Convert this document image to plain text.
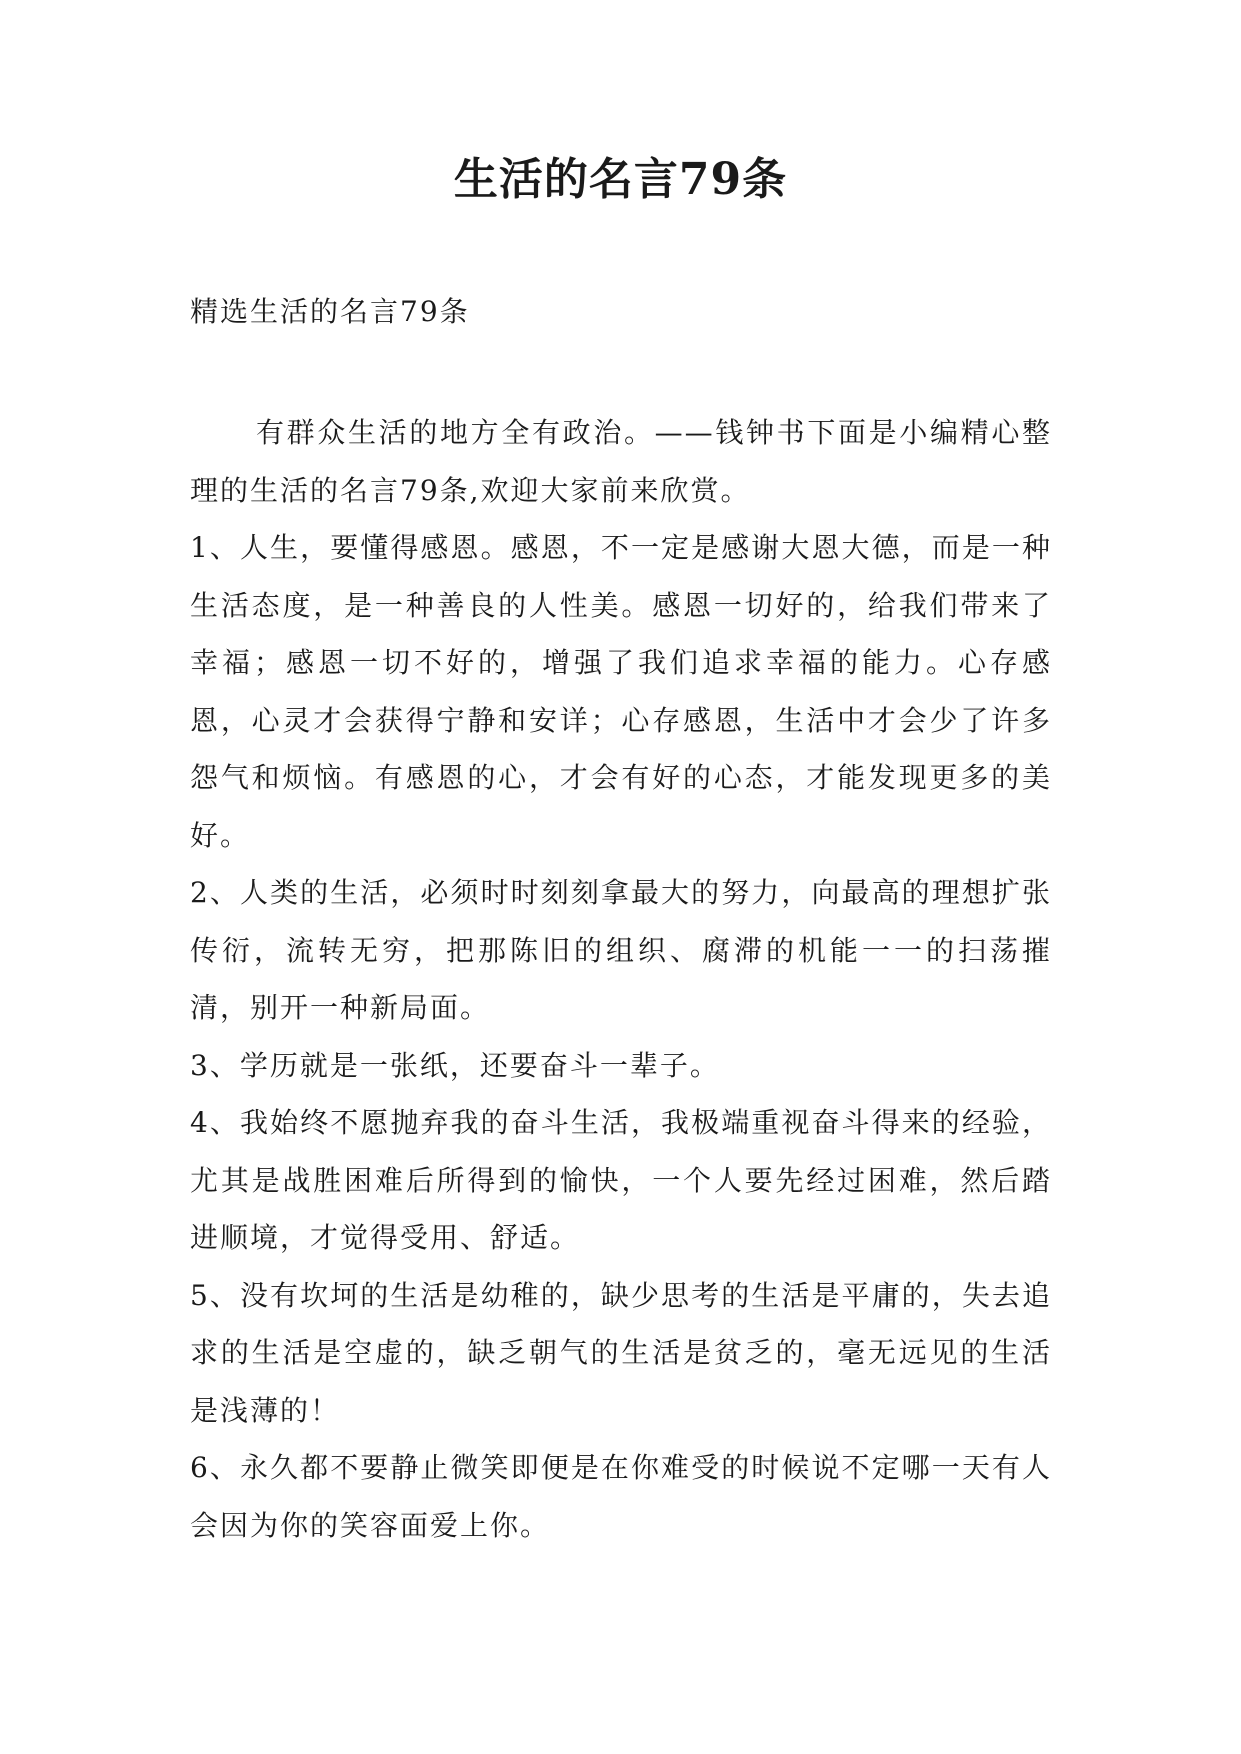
生活的名言79条

精选生活的名言79条

有群众生活的地方全有政治。——钱钟书下面是小编精心整理的生活的名言79条,欢迎大家前来欣赏。

1、人生，要懂得感恩。感恩，不一定是感谢大恩大德，而是一种生活态度，是一种善良的人性美。感恩一切好的，给我们带来了幸福；感恩一切不好的，增强了我们追求幸福的能力。心存感恩，心灵才会获得宁静和安详；心存感恩，生活中才会少了许多怨气和烦恼。有感恩的心，才会有好的心态，才能发现更多的美好。

2、人类的生活，必须时时刻刻拿最大的努力，向最高的理想扩张传衍，流转无穷，把那陈旧的组织、腐滞的机能一一的扫荡摧清，别开一种新局面。

3、学历就是一张纸，还要奋斗一辈子。

4、我始终不愿抛弃我的奋斗生活，我极端重视奋斗得来的经验，尤其是战胜困难后所得到的愉快，一个人要先经过困难，然后踏进顺境，才觉得受用、舒适。

5、没有坎坷的生活是幼稚的，缺少思考的生活是平庸的，失去追求的生活是空虚的，缺乏朝气的生活是贫乏的，毫无远见的生活是浅薄的！

6、永久都不要静止微笑即便是在你难受的时候说不定哪一天有人会因为你的笑容面爱上你。
